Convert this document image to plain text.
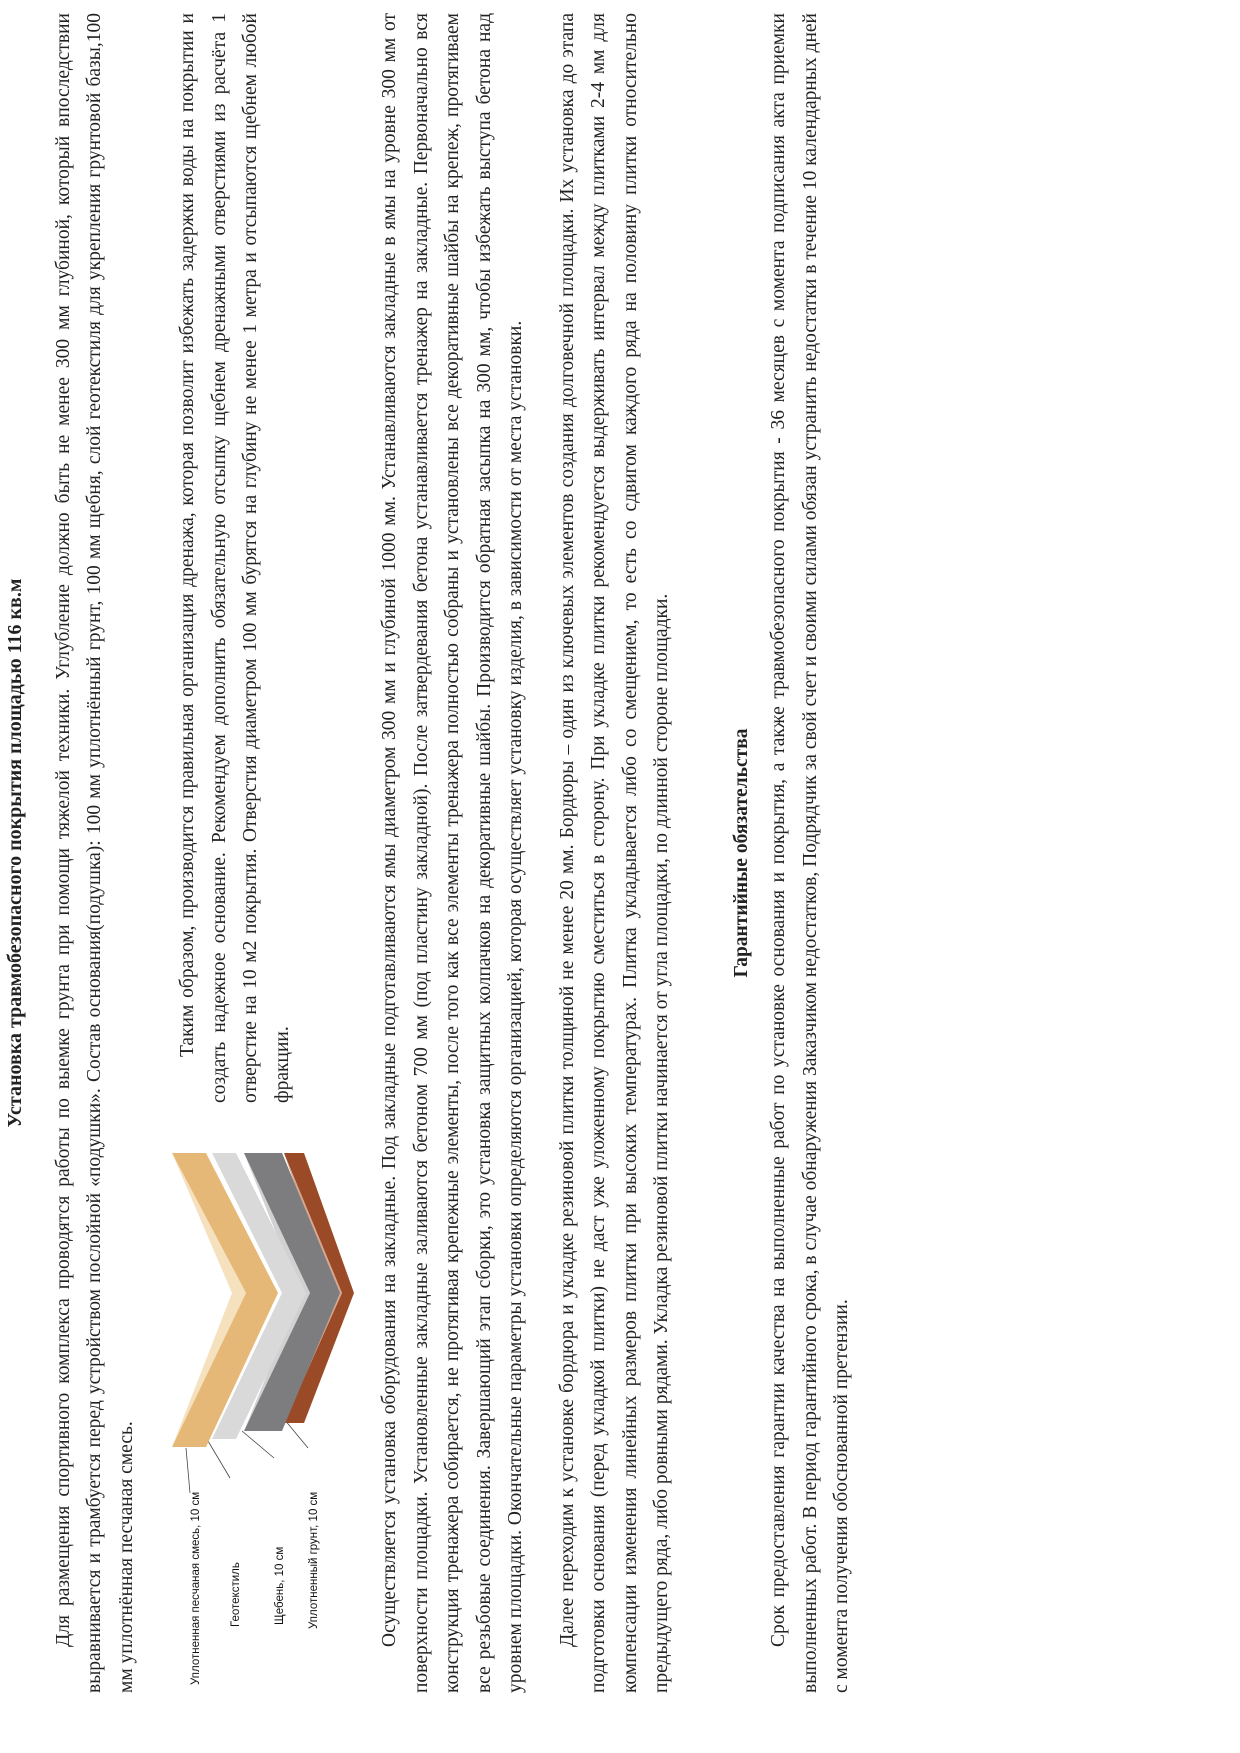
Установка травмобезопасного покрытия площадью 116 кв.м Для размещения спортивного комплекса проводятся работы по выемке грунта при помощи тяжелой техники. Углубление должно быть не менее 300 мм глубиной, который впоследствии выравнивается и трамбуется перед устройством послойной «подушки». Состав основания(подушка): 100 мм уплотнённый грунт, 100 мм щебня, слой геотекстиля для укрепления грунтовой базы,100 мм уплотнённая песчаная смесь.	Уплотненная песчаная смесь, 10 см Геотекстиль	Щебень, 10 см Уплотненный грунт, 10 см

Таким образом, производится правильная организация дренажа, которая позволит избежать задержки воды на покрытии и создать надежное основание. Рекомендуем дополнить обязательную отсыпку щебнем дренажными отверстиями из расчёта 1 отверстие на 10 м2 покрытия. Отверстия диаметром 100 мм бурятся на глубину не менее 1 метра и отсыпаются щебнем любой фракции.	Осуществляется установка оборудования на закладные. Под закладные подготавливаются ямы диаметром 300 мм и глубиной 1000 мм. Устанавливаются закладные в ямы на уровне 300 мм от поверхности площадки. Установленные закладные заливаются бетоном 700 мм (под пластину закладной). После затвердевания бетона устанавливается тренажер на закладные. Первоначально вся конструкция тренажера собирается, не протягивая крепежные элементы, после того как все элементы тренажера полностью собраны и установлены все декоративные шайбы на крепеж, протягиваем все резьбовые соединения. Завершающий этап сборки, это установка защитных колпачков на декоративные шайбы. Производится обратная засыпка на 300 мм, чтобы избежать выступа бетона над уровнем площадки. Окончательные параметры установки определяются организацией, которая осуществляет установку изделия, в зависимости от места установки. Далее переходим к установке бордюра и укладке резиновой плитки толщиной не менее 20 мм. Бордюры – один из ключевых элементов создания долговечной площадки. Их установка до этапа подготовки основания (перед укладкой плитки) не даст уже уложенному покрытию сместиться в сторону. При укладке плитки рекомендуется выдерживать интервал между плитками 2-4 мм для компенсации изменения линейных размеров плитки при высоких температурах. Плитка укладывается либо со смещением, то есть со сдвигом каждого ряда на половину плитки относительно предыдущего ряда, либо ровными рядами. Укладка резиновой плитки начинается от угла площадки, по длинной стороне площадки.	Гарантийные обязательства Срок предоставления гарантии качества на выполненные работ по установке основания и покрытия, а также травмобезопасного покрытия - 36 месяцев с момента подписания акта приемки выполненных работ. В период гарантийного срока, в случае обнаружения Заказчиком недостатков, Подрядчик за свой счет и своими силами обязан устранить недостатки в течение 10 календарных дней с момента получения обоснованной претензии.
